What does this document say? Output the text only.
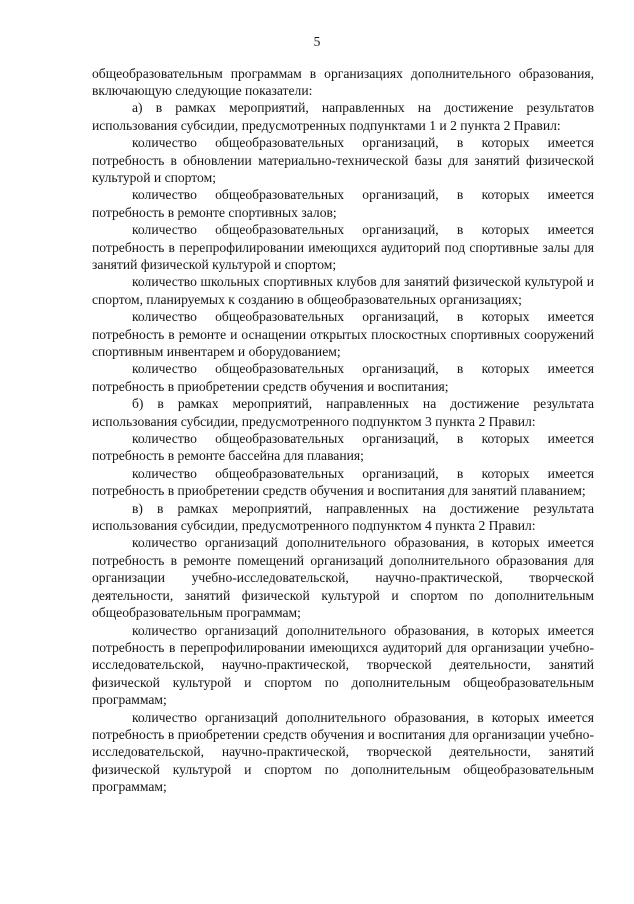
5

общеобразовательным программам в организациях дополнительного образования, включающую следующие показатели:

а) в рамках мероприятий, направленных на достижение результатов использования субсидии, предусмотренных подпунктами 1 и 2 пункта 2 Правил:

количество общеобразовательных организаций, в которых имеется потребность в обновлении материально-технической базы для занятий физической культурой и спортом;

количество общеобразовательных организаций, в которых имеется потребность в ремонте спортивных залов;

количество общеобразовательных организаций, в которых имеется потребность в перепрофилировании имеющихся аудиторий под спортивные залы для занятий физической культурой и спортом;

количество школьных спортивных клубов для занятий физической культурой и спортом, планируемых к созданию в общеобразовательных организациях;

количество общеобразовательных организаций, в которых имеется потребность в ремонте и оснащении открытых плоскостных спортивных сооружений спортивным инвентарем и оборудованием;

количество общеобразовательных организаций, в которых имеется потребность в приобретении средств обучения и воспитания;

б) в рамках мероприятий, направленных на достижение результата использования субсидии, предусмотренного подпунктом 3 пункта 2 Правил:

количество общеобразовательных организаций, в которых имеется потребность в ремонте бассейна для плавания;

количество общеобразовательных организаций, в которых имеется потребность в приобретении средств обучения и воспитания для занятий плаванием;

в) в рамках мероприятий, направленных на достижение результата использования субсидии, предусмотренного подпунктом 4 пункта 2 Правил:

количество организаций дополнительного образования, в которых имеется потребность в ремонте помещений организаций дополнительного образования для организации учебно-исследовательской, научно-практической, творческой деятельности, занятий физической культурой и спортом по дополнительным общеобразовательным программам;

количество организаций дополнительного образования, в которых имеется потребность в перепрофилировании имеющихся аудиторий для организации учебно-исследовательской, научно-практической, творческой деятельности, занятий физической культурой и спортом по дополнительным общеобразовательным программам;

количество организаций дополнительного образования, в которых имеется потребность в приобретении средств обучения и воспитания для организации учебно-исследовательской, научно-практической, творческой деятельности, занятий физической культурой и спортом по дополнительным общеобразовательным программам;
